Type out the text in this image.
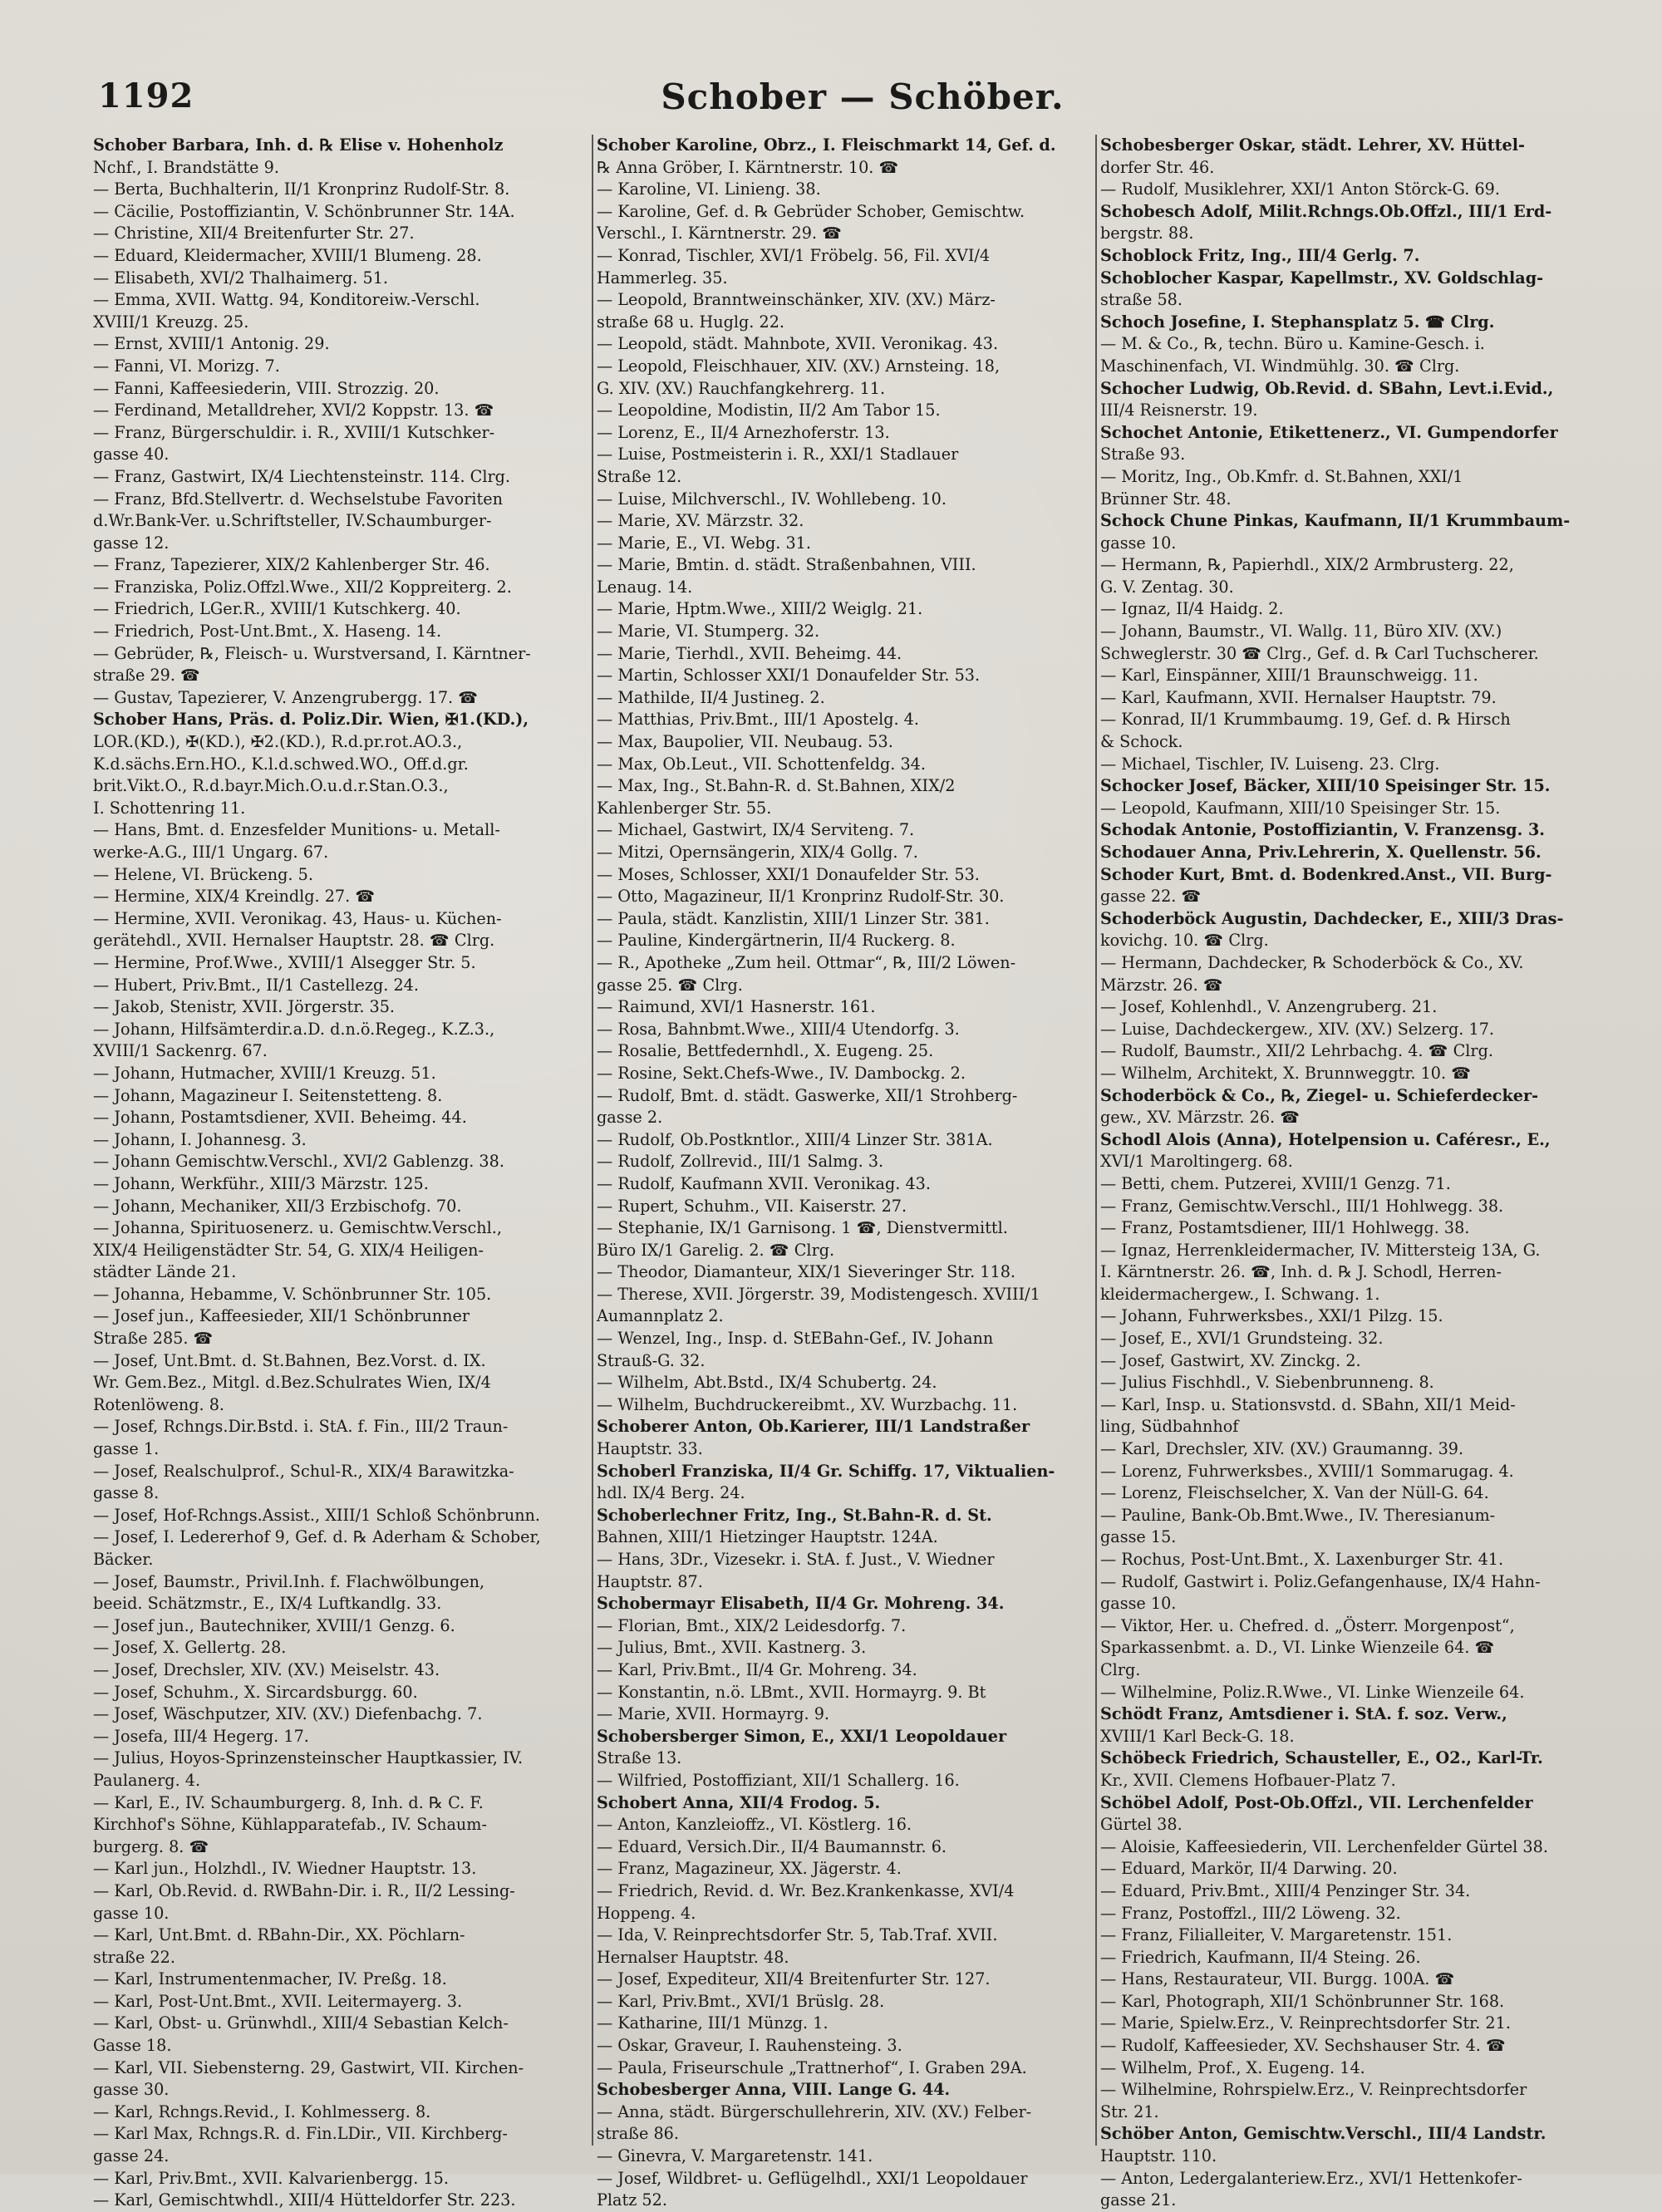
1192	Schober — Schöber.
Schober Barbara, Inh. d. ℞ Elise v. Hohenholz
Nchf., I. Brandstätte 9.
— Berta, Buchhalterin, II/1 Kronprinz Rudolf-Str. 8.
— Cäcilie, Postoffiziantin, V. Schönbrunner Str. 14A.
— Christine, XII/4 Breitenfurter Str. 27.
— Eduard, Kleidermacher, XVIII/1 Blumeng. 28.
— Elisabeth, XVI/2 Thalhaimerg. 51.
— Emma, XVII. Wattg. 94, Konditoreiw.-Verschl.
XVIII/1 Kreuzg. 25.
— Ernst, XVIII/1 Antonig. 29.
— Fanni, VI. Morizg. 7.
— Fanni, Kaffeesiederin, VIII. Strozzig. 20.
— Ferdinand, Metalldreher, XVI/2 Koppstr. 13. ☎
— Franz, Bürgerschuldir. i. R., XVIII/1 Kutschker-
gasse 40.
— Franz, Gastwirt, IX/4 Liechtensteinstr. 114. Clrg.
— Franz, Bfd.Stellvertr. d. Wechselstube Favoriten
d.Wr.Bank-Ver. u.Schriftsteller, IV.Schaumburger-
gasse 12.
— Franz, Tapezierer, XIX/2 Kahlenberger Str. 46.
— Franziska, Poliz.Offzl.Wwe., XII/2 Koppreiterg. 2.
— Friedrich, LGer.R., XVIII/1 Kutschkerg. 40.
— Friedrich, Post-Unt.Bmt., X. Haseng. 14.
— Gebrüder, ℞, Fleisch- u. Wurstversand, I. Kärntner-
straße 29. ☎
— Gustav, Tapezierer, V. Anzengrubergg. 17. ☎
Schober Hans, Präs. d. Poliz.Dir. Wien, ✠1.(KD.),
LOR.(KD.), ✠(KD.), ✠2.(KD.), R.d.pr.rot.AO.3.,
K.d.sächs.Ern.HO., K.l.d.schwed.WO., Off.d.gr.
brit.Vikt.O., R.d.bayr.Mich.O.u.d.r.Stan.O.3.,
I. Schottenring 11.
— Hans, Bmt. d. Enzesfelder Munitions- u. Metall-
werke-A.G., III/1 Ungarg. 67.
— Helene, VI. Brückeng. 5.
— Hermine, XIX/4 Kreindlg. 27. ☎
— Hermine, XVII. Veronikag. 43, Haus- u. Küchen-
gerätehdl., XVII. Hernalser Hauptstr. 28. ☎ Clrg.
— Hermine, Prof.Wwe., XVIII/1 Alsegger Str. 5.
— Hubert, Priv.Bmt., II/1 Castellezg. 24.
— Jakob, Stenistr, XVII. Jörgerstr. 35.
— Johann, Hilfsämterdir.a.D. d.n.ö.Regeg., K.Z.3.,
XVIII/1 Sackenrg. 67.
— Johann, Hutmacher, XVIII/1 Kreuzg. 51.
— Johann, Magazineur I. Seitenstetteng. 8.
— Johann, Postamtsdiener, XVII. Beheimg. 44.
— Johann, I. Johannesg. 3.
— Johann Gemischtw.Verschl., XVI/2 Gablenzg. 38.
— Johann, Werkführ., XIII/3 Märzstr. 125.
— Johann, Mechaniker, XII/3 Erzbischofg. 70.
— Johanna, Spirituosenerz. u. Gemischtw.Verschl.,
XIX/4 Heiligenstädter Str. 54, G. XIX/4 Heiligen-
städter Lände 21.
— Johanna, Hebamme, V. Schönbrunner Str. 105.
— Josef jun., Kaffeesieder, XII/1 Schönbrunner
Straße 285. ☎
— Josef, Unt.Bmt. d. St.Bahnen, Bez.Vorst. d. IX.
Wr. Gem.Bez., Mitgl. d.Bez.Schulrates Wien, IX/4
Rotenlöweng. 8.
— Josef, Rchngs.Dir.Bstd. i. StA. f. Fin., III/2 Traun-
gasse 1.
— Josef, Realschulprof., Schul-R., XIX/4 Barawitzka-
gasse 8.
— Josef, Hof-Rchngs.Assist., XIII/1 Schloß Schönbrunn.
— Josef, I. Ledererhof 9, Gef. d. ℞ Aderham & Schober,
Bäcker.
— Josef, Baumstr., Privil.Inh. f. Flachwölbungen,
beeid. Schätzmstr., E., IX/4 Luftkandlg. 33.
— Josef jun., Bautechniker, XVIII/1 Genzg. 6.
— Josef, X. Gellertg. 28.
— Josef, Drechsler, XIV. (XV.) Meiselstr. 43.
— Josef, Schuhm., X. Sircardsburgg. 60.
— Josef, Wäschputzer, XIV. (XV.) Diefenbachg. 7.
— Josefa, III/4 Hegerg. 17.
— Julius, Hoyos-Sprinzensteinscher Hauptkassier, IV.
Paulanerg. 4.
— Karl, E., IV. Schaumburgerg. 8, Inh. d. ℞ C. F.
Kirchhof's Söhne, Kühlapparatefab., IV. Schaum-
burgerg. 8. ☎
— Karl jun., Holzhdl., IV. Wiedner Hauptstr. 13.
— Karl, Ob.Revid. d. RWBahn-Dir. i. R., II/2 Lessing-
gasse 10.
— Karl, Unt.Bmt. d. RBahn-Dir., XX. Pöchlarn-
straße 22.
— Karl, Instrumentenmacher, IV. Preßg. 18.
— Karl, Post-Unt.Bmt., XVII. Leitermayerg. 3.
— Karl, Obst- u. Grünwhdl., XIII/4 Sebastian Kelch-
Gasse 18.
— Karl, VII. Siebensterng. 29, Gastwirt, VII. Kirchen-
gasse 30.
— Karl, Rchngs.Revid., I. Kohlmesserg. 8.
— Karl Max, Rchngs.R. d. Fin.LDir., VII. Kirchberg-
gasse 24.
— Karl, Priv.Bmt., XVII. Kalvarienbergg. 15.
— Karl, Gemischtwhdl., XIII/4 Hütteldorfer Str. 223.
Schober Karoline, Obrz., I. Fleischmarkt 14, Gef. d.
℞ Anna Gröber, I. Kärntnerstr. 10. ☎
— Karoline, VI. Linieng. 38.
— Karoline, Gef. d. ℞ Gebrüder Schober, Gemischtw.
Verschl., I. Kärntnerstr. 29. ☎
— Konrad, Tischler, XVI/1 Fröbelg. 56, Fil. XVI/4
Hammerleg. 35.
— Leopold, Branntweinschänker, XIV. (XV.) März-
straße 68 u. Huglg. 22.
— Leopold, städt. Mahnbote, XVII. Veronikag. 43.
— Leopold, Fleischhauer, XIV. (XV.) Arnsteing. 18,
G. XIV. (XV.) Rauchfangkehrerg. 11.
— Leopoldine, Modistin, II/2 Am Tabor 15.
— Lorenz, E., II/4 Arnezhoferstr. 13.
— Luise, Postmeisterin i. R., XXI/1 Stadlauer
Straße 12.
— Luise, Milchverschl., IV. Wohllebeng. 10.
— Marie, XV. Märzstr. 32.
— Marie, E., VI. Webg. 31.
— Marie, Bmtin. d. städt. Straßenbahnen, VIII.
Lenaug. 14.
— Marie, Hptm.Wwe., XIII/2 Weiglg. 21.
— Marie, VI. Stumperg. 32.
— Marie, Tierhdl., XVII. Beheimg. 44.
— Martin, Schlosser XXI/1 Donaufelder Str. 53.
— Mathilde, II/4 Justineg. 2.
— Matthias, Priv.Bmt., III/1 Apostelg. 4.
— Max, Baupolier, VII. Neubaug. 53.
— Max, Ob.Leut., VII. Schottenfeldg. 34.
— Max, Ing., St.Bahn-R. d. St.Bahnen, XIX/2
Kahlenberger Str. 55.
— Michael, Gastwirt, IX/4 Serviteng. 7.
— Mitzi, Opernsängerin, XIX/4 Gollg. 7.
— Moses, Schlosser, XXI/1 Donaufelder Str. 53.
— Otto, Magazineur, II/1 Kronprinz Rudolf-Str. 30.
— Paula, städt. Kanzlistin, XIII/1 Linzer Str. 381.
— Pauline, Kindergärtnerin, II/4 Ruckerg. 8.
— R., Apotheke „Zum heil. Ottmar“, ℞, III/2 Löwen-
gasse 25. ☎ Clrg.
— Raimund, XVI/1 Hasnerstr. 161.
— Rosa, Bahnbmt.Wwe., XIII/4 Utendorfg. 3.
— Rosalie, Bettfedernhdl., X. Eugeng. 25.
— Rosine, Sekt.Chefs-Wwe., IV. Dambockg. 2.
— Rudolf, Bmt. d. städt. Gaswerke, XII/1 Strohberg-
gasse 2.
— Rudolf, Ob.Postkntlor., XIII/4 Linzer Str. 381A.
— Rudolf, Zollrevid., III/1 Salmg. 3.
— Rudolf, Kaufmann XVII. Veronikag. 43.
— Rupert, Schuhm., VII. Kaiserstr. 27.
— Stephanie, IX/1 Garnisong. 1 ☎, Dienstvermittl.
Büro IX/1 Garelig. 2. ☎ Clrg.
— Theodor, Diamanteur, XIX/1 Sieveringer Str. 118.
— Therese, XVII. Jörgerstr. 39, Modistengesch. XVIII/1
Aumannplatz 2.
— Wenzel, Ing., Insp. d. StEBahn-Gef., IV. Johann
Strauß-G. 32.
— Wilhelm, Abt.Bstd., IX/4 Schubertg. 24.
— Wilhelm, Buchdruckereibmt., XV. Wurzbachg. 11.
Schoberer Anton, Ob.Karierer, III/1 Landstraßer
Hauptstr. 33.
Schoberl Franziska, II/4 Gr. Schiffg. 17, Viktualien-
hdl. IX/4 Berg. 24.
Schoberlechner Fritz, Ing., St.Bahn-R. d. St.
Bahnen, XIII/1 Hietzinger Hauptstr. 124A.
— Hans, 3Dr., Vizesekr. i. StA. f. Just., V. Wiedner
Hauptstr. 87.
Schobermayr Elisabeth, II/4 Gr. Mohreng. 34.
— Florian, Bmt., XIX/2 Leidesdorfg. 7.
— Julius, Bmt., XVII. Kastnerg. 3.
— Karl, Priv.Bmt., II/4 Gr. Mohreng. 34.
— Konstantin, n.ö. LBmt., XVII. Hormayrg. 9. Bt
— Marie, XVII. Hormayrg. 9.
Schobersberger Simon, E., XXI/1 Leopoldauer
Straße 13.
— Wilfried, Postoffiziant, XII/1 Schallerg. 16.
Schobert Anna, XII/4 Frodog. 5.
— Anton, Kanzleioffz., VI. Köstlerg. 16.
— Eduard, Versich.Dir., II/4 Baumannstr. 6.
— Franz, Magazineur, XX. Jägerstr. 4.
— Friedrich, Revid. d. Wr. Bez.Krankenkasse, XVI/4
Hoppeng. 4.
— Ida, V. Reinprechtsdorfer Str. 5, Tab.Traf. XVII.
Hernalser Hauptstr. 48.
— Josef, Expediteur, XII/4 Breitenfurter Str. 127.
— Karl, Priv.Bmt., XVI/1 Brüslg. 28.
— Katharine, III/1 Münzg. 1.
— Oskar, Graveur, I. Rauhensteing. 3.
— Paula, Friseurschule „Trattnerhof“, I. Graben 29A.
Schobesberger Anna, VIII. Lange G. 44.
— Anna, städt. Bürgerschullehrerin, XIV. (XV.) Felber-
straße 86.
— Ginevra, V. Margaretenstr. 141.
— Josef, Wildbret- u. Geflügelhdl., XXI/1 Leopoldauer
Platz 52.
Schobesberger Oskar, städt. Lehrer, XV. Hüttel-
dorfer Str. 46.
— Rudolf, Musiklehrer, XXI/1 Anton Störck-G. 69.
Schobesch Adolf, Milit.Rchngs.Ob.Offzl., III/1 Erd-
bergstr. 88.
Schoblock Fritz, Ing., III/4 Gerlg. 7.
Schoblocher Kaspar, Kapellmstr., XV. Goldschlag-
straße 58.
Schoch Josefine, I. Stephansplatz 5. ☎ Clrg.
— M. & Co., ℞, techn. Büro u. Kamine-Gesch. i.
Maschinenfach, VI. Windmühlg. 30. ☎ Clrg.
Schocher Ludwig, Ob.Revid. d. SBahn, Levt.i.Evid.,
III/4 Reisnerstr. 19.
Schochet Antonie, Etikettenerz., VI. Gumpendorfer
Straße 93.
— Moritz, Ing., Ob.Kmfr. d. St.Bahnen, XXI/1
Brünner Str. 48.
Schock Chune Pinkas, Kaufmann, II/1 Krummbaum-
gasse 10.
— Hermann, ℞, Papierhdl., XIX/2 Armbrusterg. 22,
G. V. Zentag. 30.
— Ignaz, II/4 Haidg. 2.
— Johann, Baumstr., VI. Wallg. 11, Büro XIV. (XV.)
Schweglerstr. 30 ☎ Clrg., Gef. d. ℞ Carl Tuchscherer.
— Karl, Einspänner, XIII/1 Braunschweigg. 11.
— Karl, Kaufmann, XVII. Hernalser Hauptstr. 79.
— Konrad, II/1 Krummbaumg. 19, Gef. d. ℞ Hirsch
& Schock.
— Michael, Tischler, IV. Luiseng. 23. Clrg.
Schocker Josef, Bäcker, XIII/10 Speisinger Str. 15.
— Leopold, Kaufmann, XIII/10 Speisinger Str. 15.
Schodak Antonie, Postoffiziantin, V. Franzensg. 3.
Schodauer Anna, Priv.Lehrerin, X. Quellenstr. 56.
Schoder Kurt, Bmt. d. Bodenkred.Anst., VII. Burg-
gasse 22. ☎
Schoderböck Augustin, Dachdecker, E., XIII/3 Dras-
kovichg. 10. ☎ Clrg.
— Hermann, Dachdecker, ℞ Schoderböck & Co., XV.
Märzstr. 26. ☎
— Josef, Kohlenhdl., V. Anzengruberg. 21.
— Luise, Dachdeckergew., XIV. (XV.) Selzerg. 17.
— Rudolf, Baumstr., XII/2 Lehrbachg. 4. ☎ Clrg.
— Wilhelm, Architekt, X. Brunnweggtr. 10. ☎
Schoderböck & Co., ℞, Ziegel- u. Schieferdecker-
gew., XV. Märzstr. 26. ☎
Schodl Alois (Anna), Hotelpension u. Caféresr., E.,
XVI/1 Maroltingerg. 68.
— Betti, chem. Putzerei, XVIII/1 Genzg. 71.
— Franz, Gemischtw.Verschl., III/1 Hohlwegg. 38.
— Franz, Postamtsdiener, III/1 Hohlwegg. 38.
— Ignaz, Herrenkleidermacher, IV. Mittersteig 13A, G.
I. Kärntnerstr. 26. ☎, Inh. d. ℞ J. Schodl, Herren-
kleidermachergew., I. Schwang. 1.
— Johann, Fuhrwerksbes., XXI/1 Pilzg. 15.
— Josef, E., XVI/1 Grundsteing. 32.
— Josef, Gastwirt, XV. Zinckg. 2.
— Julius Fischhdl., V. Siebenbrunneng. 8.
— Karl, Insp. u. Stationsvstd. d. SBahn, XII/1 Meid-
ling, Südbahnhof
— Karl, Drechsler, XIV. (XV.) Graumanng. 39.
— Lorenz, Fuhrwerksbes., XVIII/1 Sommarugag. 4.
— Lorenz, Fleischselcher, X. Van der Nüll-G. 64.
— Pauline, Bank-Ob.Bmt.Wwe., IV. Theresianum-
gasse 15.
— Rochus, Post-Unt.Bmt., X. Laxenburger Str. 41.
— Rudolf, Gastwirt i. Poliz.Gefangenhause, IX/4 Hahn-
gasse 10.
— Viktor, Her. u. Chefred. d. „Österr. Morgenpost“,
Sparkassenbmt. a. D., VI. Linke Wienzeile 64. ☎
Clrg.
— Wilhelmine, Poliz.R.Wwe., VI. Linke Wienzeile 64.
Schödt Franz, Amtsdiener i. StA. f. soz. Verw.,
XVIII/1 Karl Beck-G. 18.
Schöbeck Friedrich, Schausteller, E., O2., Karl-Tr.
Kr., XVII. Clemens Hofbauer-Platz 7.
Schöbel Adolf, Post-Ob.Offzl., VII. Lerchenfelder
Gürtel 38.
— Aloisie, Kaffeesiederin, VII. Lerchenfelder Gürtel 38.
— Eduard, Markör, II/4 Darwing. 20.
— Eduard, Priv.Bmt., XIII/4 Penzinger Str. 34.
— Franz, Postoffzl., III/2 Löweng. 32.
— Franz, Filialleiter, V. Margaretenstr. 151.
— Friedrich, Kaufmann, II/4 Steing. 26.
— Hans, Restaurateur, VII. Burgg. 100A. ☎
— Karl, Photograph, XII/1 Schönbrunner Str. 168.
— Marie, Spielw.Erz., V. Reinprechtsdorfer Str. 21.
— Rudolf, Kaffeesieder, XV. Sechshauser Str. 4. ☎
— Wilhelm, Prof., X. Eugeng. 14.
— Wilhelmine, Rohrspielw.Erz., V. Reinprechtsdorfer
Str. 21.
Schöber Anton, Gemischtw.Verschl., III/4 Landstr.
Hauptstr. 110.
— Anton, Ledergalanteriew.Erz., XVI/1 Hettenkofer-
gasse 21.
